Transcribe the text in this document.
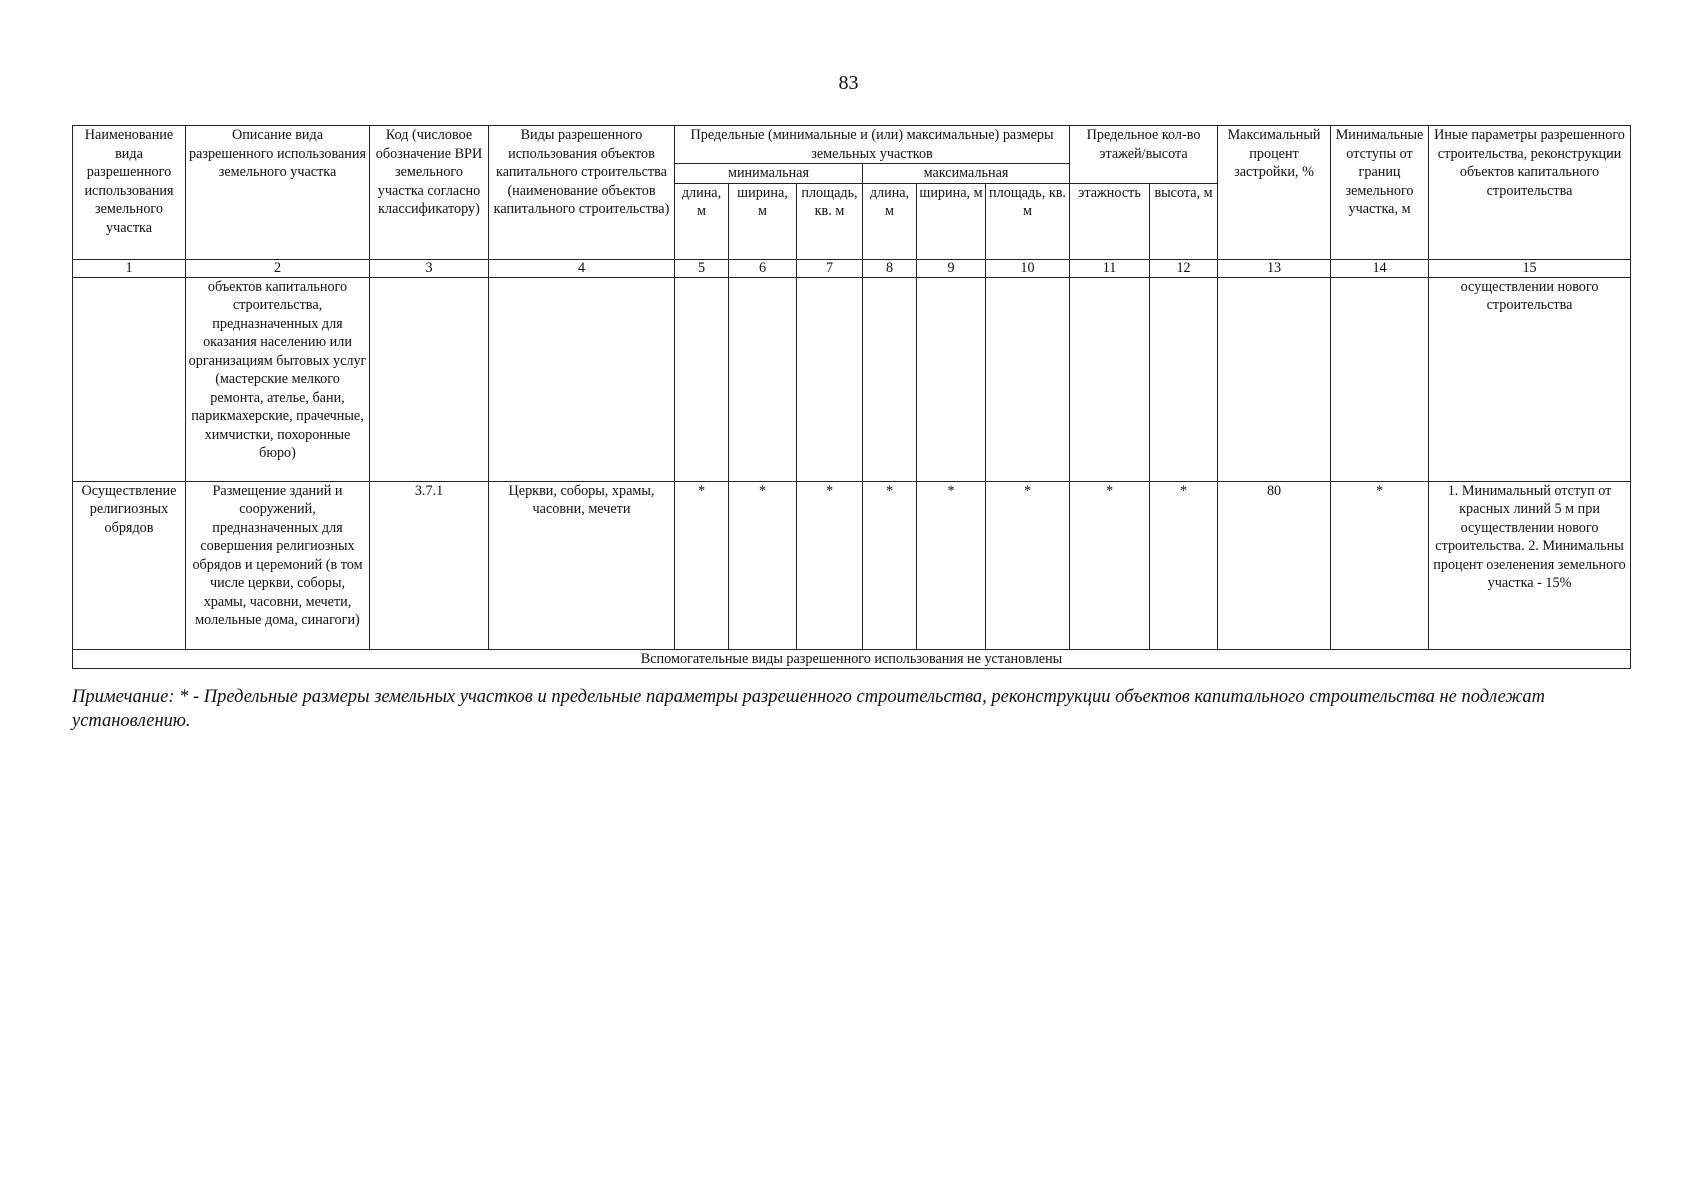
83
Наименование вида разрешенного использования земельного участка	Описание вида разрешенного использования земельного участка	Код (числовое обозначение ВРИ земельного участка согласно классификатору)	Виды разрешенного использования объектов капитального строительства (наименование объектов капитального строительства)	Предельные (минимальные и (или) максимальные) размеры земельных участков						Предельное кол-во этажей/высота		Максимальный процент застройки, %	Минимальные отступы от границ земельного участка, м	Иные параметры разрешенного строительства, реконструкции объектов капитального строительства
				минимальная			максимальная							
				длина, м	ширина, м	площадь, кв. м	длина, м	ширина, м	площадь, кв. м	этажность	высота, м			
1	2	3	4	5	6	7	8	9	10	11	12	13	14	15
	объектов капитального строительства, предназначенных для оказания населению или организациям бытовых услуг (мастерские мелкого ремонта, ателье, бани, парикмахерские, прачечные, химчистки, похоронные бюро)													осуществлении нового строительства
Осуществление религиозных обрядов	Размещение зданий и сооружений, предназначенных для совершения религиозных обрядов и церемоний (в том числе церкви, соборы, храмы, часовни, мечети, молельные дома, синагоги)	3.7.1	Церкви, соборы, храмы, часовни, мечети	*	*	*	*	*	*	*	*	80	*	1. Минимальный отступ от красных линий 5 м при осуществлении нового строительства. 2. Минимальны процент озеленения земельного участка - 15%
Вспомогательные виды разрешенного использования не установлены														
Примечание: * - Предельные размеры земельных участков и предельные параметры разрешенного строительства, реконструкции объектов капитального строительства не подлежат установлению.
